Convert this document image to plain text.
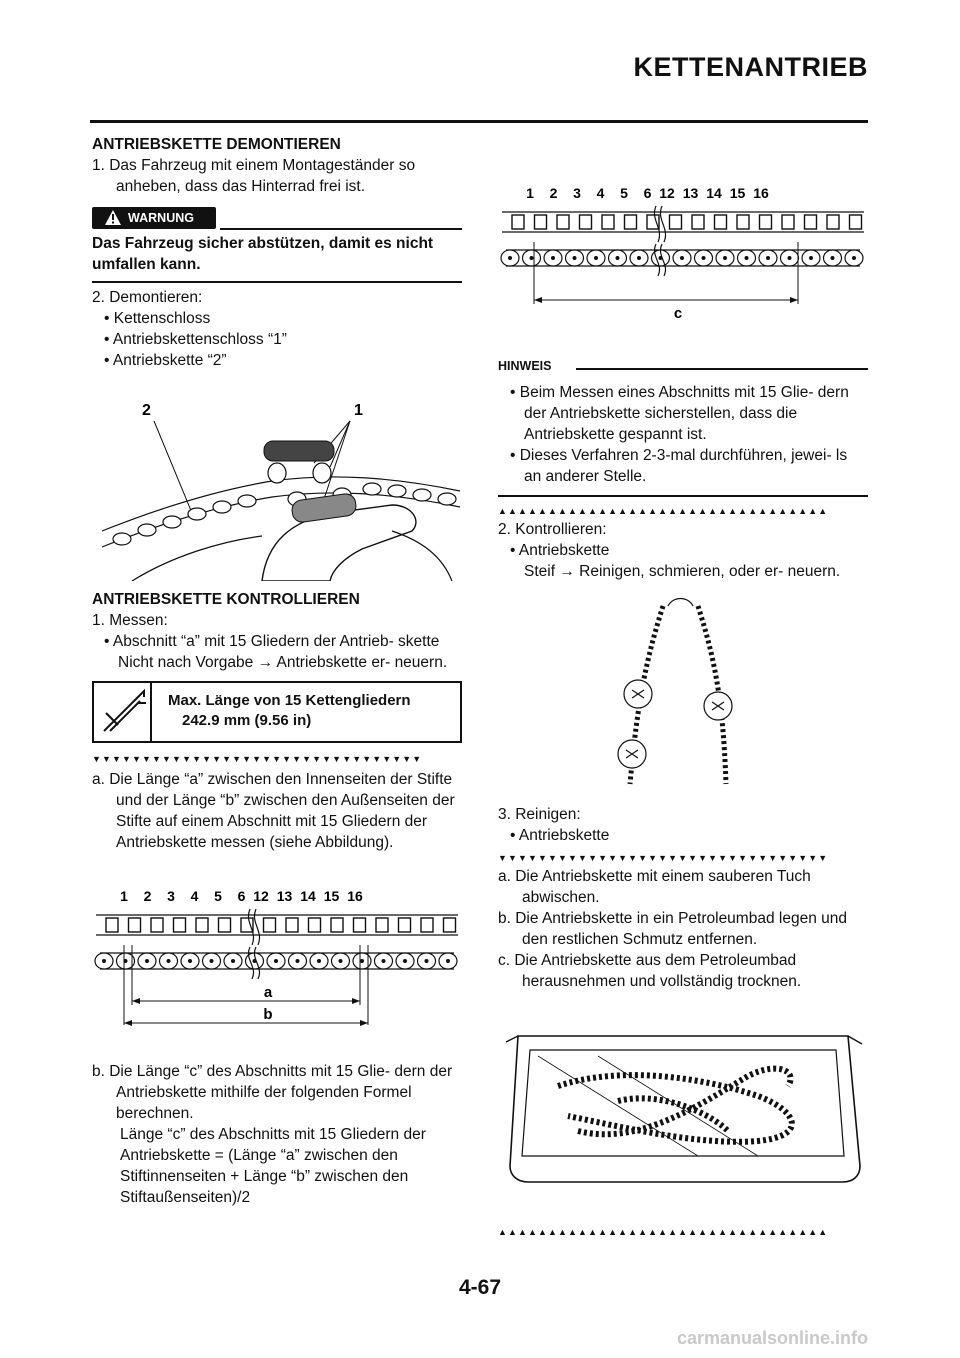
KETTENANTRIEB
ANTRIEBSKETTE DEMONTIEREN
1. Das Fahrzeug mit einem Montageständer so anheben, dass das Hinterrad frei ist.
WARNUNG
Das Fahrzeug sicher abstützen, damit es nicht umfallen kann.
2. Demontieren:
• Kettenschloss
• Antriebskettenschloss “1”
• Antriebskette “2”
2	1
ANTRIEBSKETTE KONTROLLIEREN
1. Messen:
• Abschnitt “a” mit 15 Gliedern der Antrieb- skette
Nicht nach Vorgabe → Antriebskette er- neuern.
Max. Länge von 15 Kettengliedern
242.9 mm (9.56 in)
▼▼▼▼▼▼▼▼▼▼▼▼▼▼▼▼▼▼▼▼▼▼▼▼▼▼▼▼▼▼▼▼▼
a. Die Länge “a” zwischen den Innenseiten der Stifte und der Länge “b” zwischen den Außenseiten der Stifte auf einem Abschnitt mit 15 Gliedern der Antriebskette messen (siehe Abbildung).
1 2 3 4 5 6 12 13 14 15 16
a
b
b. Die Länge “c” des Abschnitts mit 15 Glie- dern der Antriebskette mithilfe der folgenden Formel berechnen.
Länge “c” des Abschnitts mit 15 Gliedern der Antriebskette = (Länge “a” zwischen den Stiftinnenseiten + Länge “b” zwischen den Stiftaußenseiten)/2
1 2 3 4 5 6 12 13 14 15 16
c
HINWEIS
• Beim Messen eines Abschnitts mit 15 Glie- dern der Antriebskette sicherstellen, dass die Antriebskette gespannt ist.
• Dieses Verfahren 2-3-mal durchführen, jewei- ls an anderer Stelle.
▲▲▲▲▲▲▲▲▲▲▲▲▲▲▲▲▲▲▲▲▲▲▲▲▲▲▲▲▲▲▲▲▲
2. Kontrollieren:
• Antriebskette
Steif → Reinigen, schmieren, oder er- neuern.
3. Reinigen:
• Antriebskette
▼▼▼▼▼▼▼▼▼▼▼▼▼▼▼▼▼▼▼▼▼▼▼▼▼▼▼▼▼▼▼▼▼
a. Die Antriebskette mit einem sauberen Tuch abwischen.
b. Die Antriebskette in ein Petroleumbad legen und den restlichen Schmutz entfernen.
c. Die Antriebskette aus dem Petroleumbad herausnehmen und vollständig trocknen.
▲▲▲▲▲▲▲▲▲▲▲▲▲▲▲▲▲▲▲▲▲▲▲▲▲▲▲▲▲▲▲▲▲
4-67
carmanualsonline.info
